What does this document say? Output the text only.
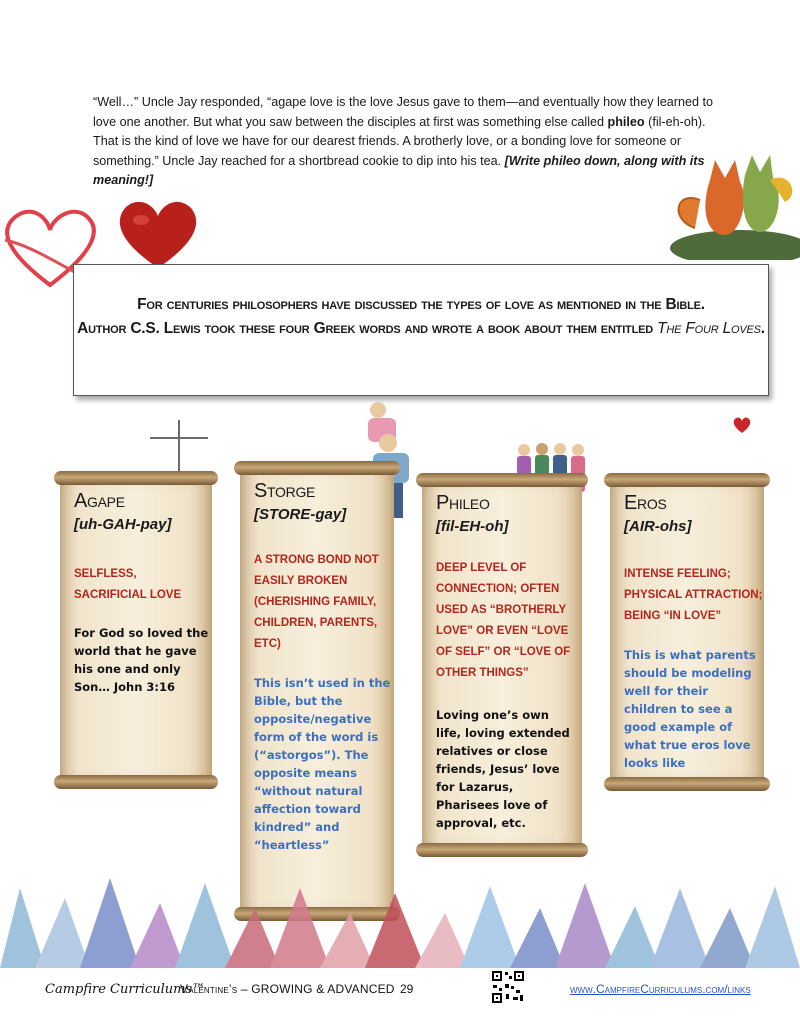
“Well…” Uncle Jay responded, “agape love is the love Jesus gave to them—and eventually how they learned to love one another. But what you saw between the disciples at first was something else called phileo (fil-eh-oh). That is the kind of love we have for our dearest friends. A brotherly love, or a bonding love for someone or something.” Uncle Jay reached for a shortbread cookie to dip into his tea. [Write phileo down, along with its meaning!]
For centuries philosophers have discussed the types of love as mentioned in the Bible.
Author C.S. Lewis took these four Greek words and wrote a book about them entitled The Four Loves.
Agape
[uh-GAH-pay]
SELFLESS, SACRIFICIAL LOVE
For God so loved the world that he gave his one and only Son… John 3:16
Storge
[STORE-gay]
A STRONG BOND NOT EASILY BROKEN (CHERISHING FAMILY, CHILDREN, PARENTS, ETC)
This isn’t used in the Bible, but the opposite/negative form of the word is (“astorgos”). The opposite means “without natural affection toward kindred” and “heartless”
Phileo
[fil-EH-oh]
DEEP LEVEL OF CONNECTION; OFTEN USED AS “BROTHERLY LOVE” OR EVEN “LOVE OF SELF” OR “LOVE OF OTHER THINGS”
Loving one’s own life, loving extended relatives or close friends, Jesus’ love for Lazarus, Pharisees love of approval, etc.
Eros
[AIR-ohs]
INTENSE FEELING; PHYSICAL ATTRACTION; BEING “IN LOVE”
This is what parents should be modeling well for their children to see a good example of what true eros love looks like
Campfire Curriculums™
Valentine’s – GROWING & ADVANCED 29	www.CampfireCurriculums.com/links
